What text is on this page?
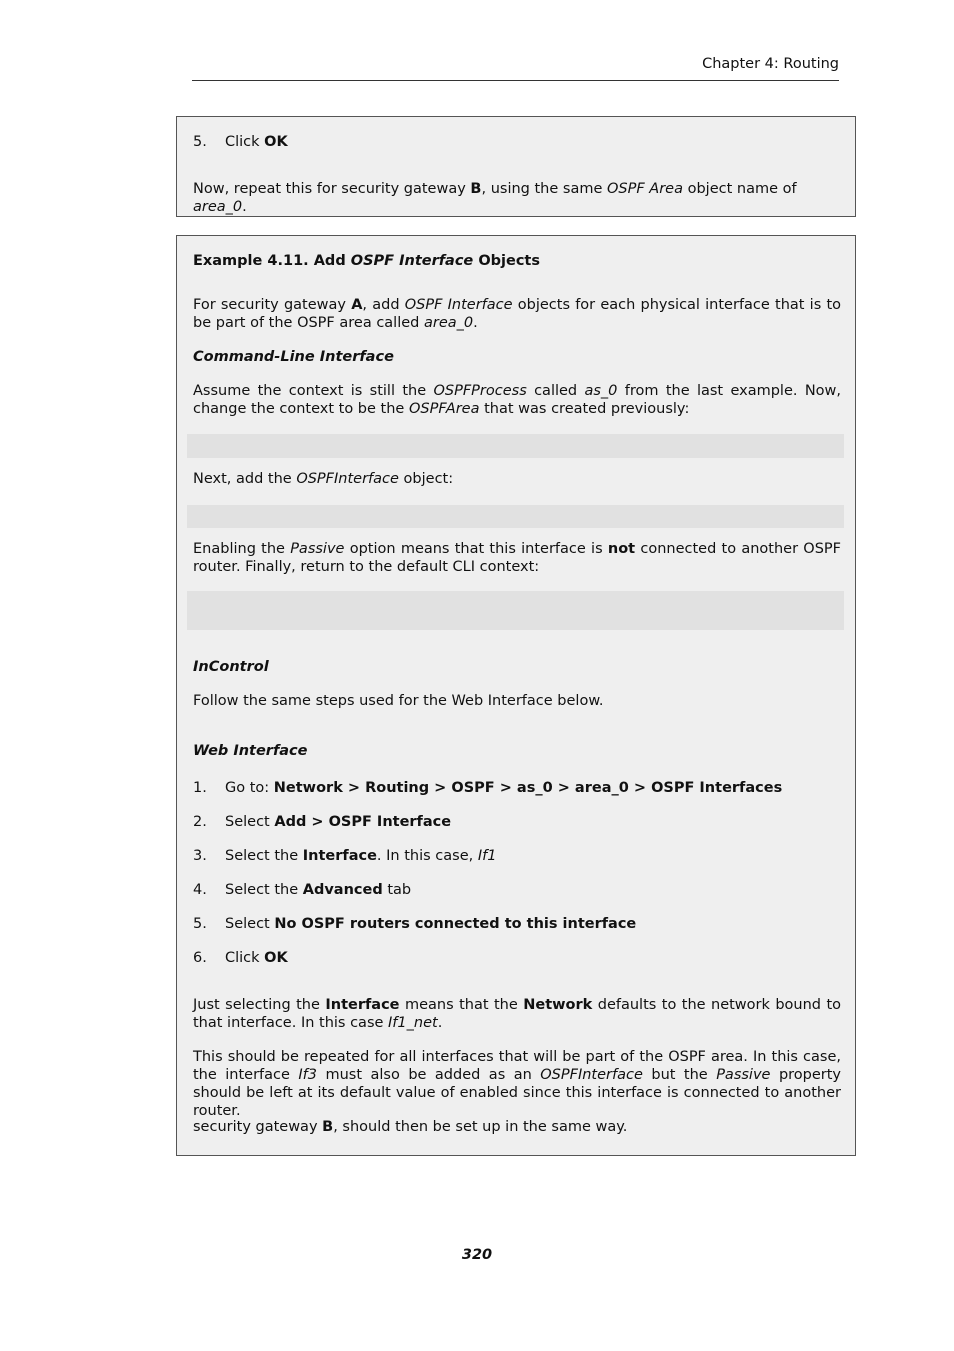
Chapter 4: Routing
5. Click OK

Now, repeat this for security gateway B, using the same OSPF Area object name of area_0.

Example 4.11. Add OSPF Interface Objects

For security gateway A, add OSPF Interface objects for each physical interface that is to be part of the OSPF area called area_0.

Command-Line Interface

Assume the context is still the OSPFProcess called as_0 from the last example. Now, change the context to be the OSPFArea that was created previously:

Next, add the OSPFInterface object:

Enabling the Passive option means that this interface is not connected to another OSPF router. Finally, return to the default CLI context:

InControl

Follow the same steps used for the Web Interface below.

Web Interface

1. Go to: Network > Routing > OSPF > as_0 > area_0 > OSPF Interfaces
2. Select Add > OSPF Interface
3. Select the Interface. In this case, If1
4. Select the Advanced tab
5. Select No OSPF routers connected to this interface
6. Click OK

Just selecting the Interface means that the Network defaults to the network bound to that interface. In this case If1_net.

This should be repeated for all interfaces that will be part of the OSPF area. In this case, the interface If3 must also be added as an OSPFInterface but the Passive property should be left at its default value of enabled since this interface is connected to another router.

security gateway B, should then be set up in the same way.

320
